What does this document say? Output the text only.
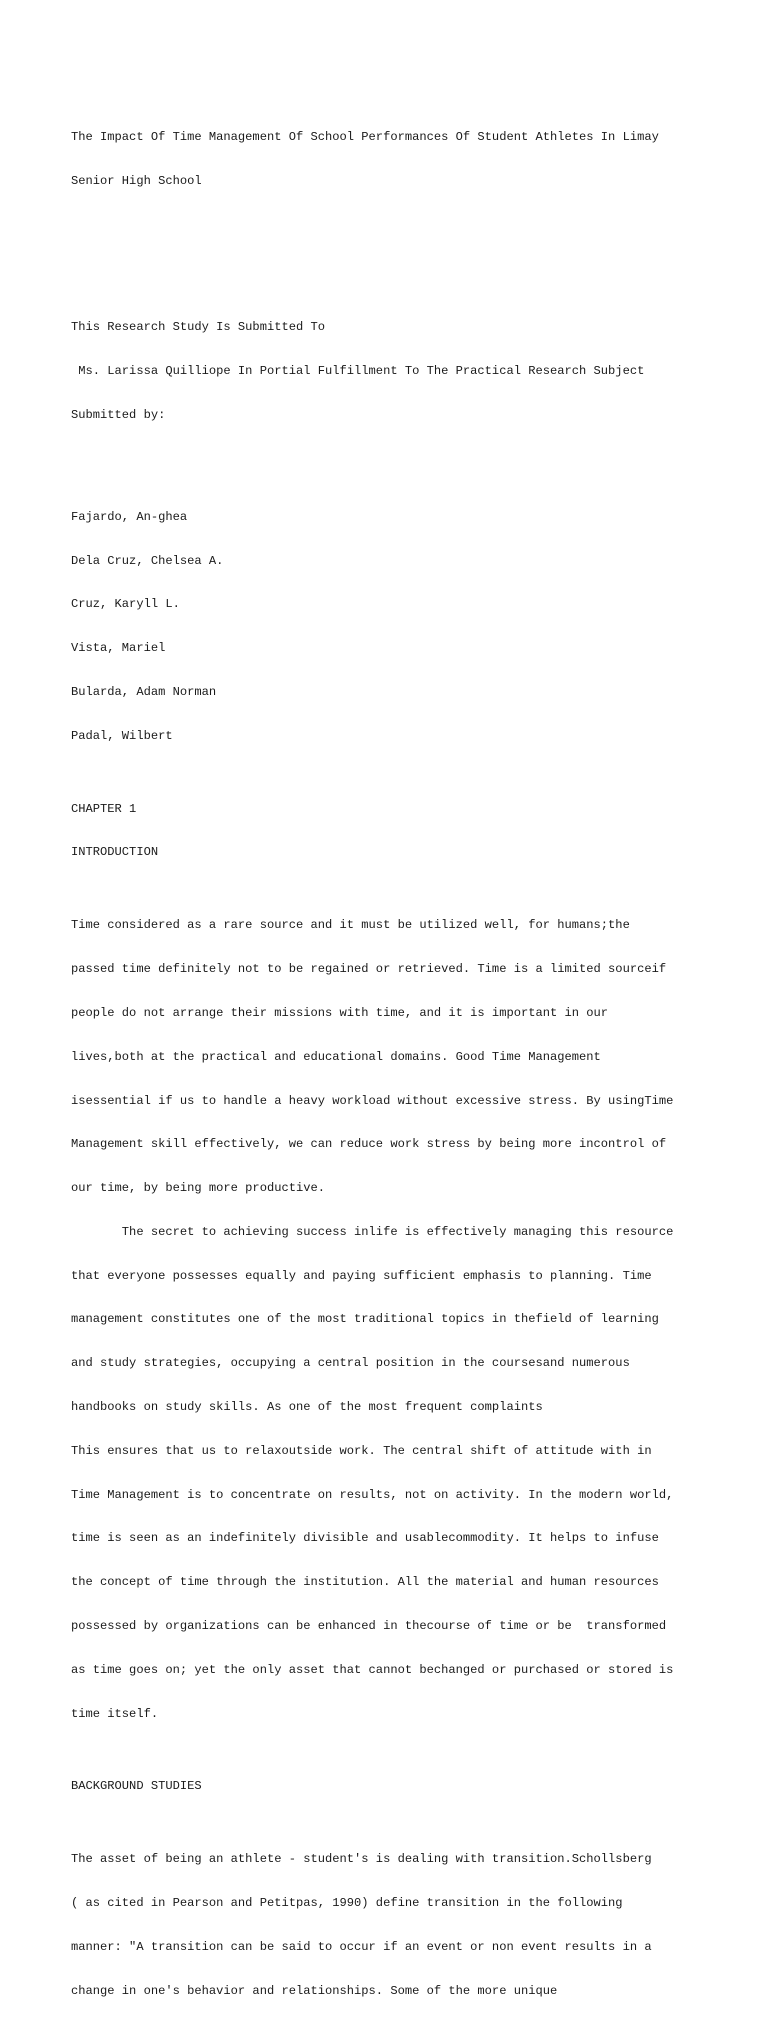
The Impact Of Time Management Of School Performances Of Student Athletes In Limay

Senior High School

This Research Study Is Submitted To

Ms. Larissa Quilliope In Portial Fulfillment To The Practical Research Subject

Submitted by:

Fajardo, An-ghea

Dela Cruz, Chelsea A.

Cruz, Karyll L.

Vista, Mariel

Bularda, Adam Norman

Padal, Wilbert

CHAPTER 1

INTRODUCTION

Time considered as a rare source and it must be utilized well, for humans;the

passed time definitely not to be regained or retrieved. Time is a limited sourceif

people do not arrange their missions with time, and it is important in our

lives,both at the practical and educational domains. Good Time Management

isessential if us to handle a heavy workload without excessive stress. By usingTime

Management skill effectively, we can reduce work stress by being more incontrol of

our time, by being more productive.

The secret to achieving success inlife is effectively managing this resource

that everyone possesses equally and paying sufficient emphasis to planning. Time

management constitutes one of the most traditional topics in thefield of learning

and study strategies, occupying a central position in the coursesand numerous

handbooks on study skills. As one of the most frequent complaints

This ensures that us to relaxoutside work. The central shift of attitude with in

Time Management is to concentrate on results, not on activity. In the modern world,

time is seen as an indefinitely divisible and usablecommodity. It helps to infuse

the concept of time through the institution. All the material and human resources

possessed by organizations can be enhanced in thecourse of time or be  transformed

as time goes on; yet the only asset that cannot bechanged or purchased or stored is

time itself.

BACKGROUND STUDIES

The asset of being an athlete - student's is dealing with transition.Schollsberg

( as cited in Pearson and Petitpas, 1990) define transition in the following

manner: "A transition can be said to occur if an event or non event results in a

change in one's behavior and relationships. Some of the more unique
